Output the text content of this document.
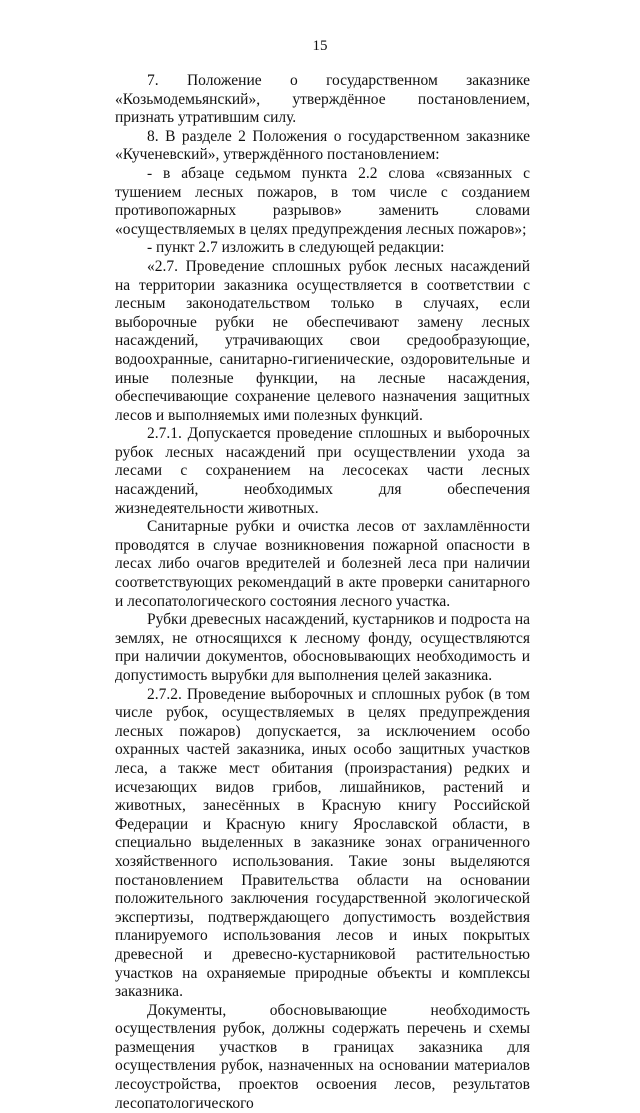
15

7. Положение о государственном заказнике «Козьмодемьянский», утверждённое постановлением, признать утратившим силу.

8. В разделе 2 Положения о государственном заказнике «Кученевский», утверждённого постановлением:

- в абзаце седьмом пункта 2.2 слова «связанных с тушением лесных пожаров, в том числе с созданием противопожарных разрывов» заменить словами «осуществляемых в целях предупреждения лесных пожаров»;

- пункт 2.7 изложить в следующей редакции:

«2.7. Проведение сплошных рубок лесных насаждений на территории заказника осуществляется в соответствии с лесным законодательством только в случаях, если выборочные рубки не обеспечивают замену лесных насаждений, утрачивающих свои средообразующие, водоохранные, санитарно-гигиенические, оздоровительные и иные полезные функции, на лесные насаждения, обеспечивающие сохранение целевого назначения защитных лесов и выполняемых ими полезных функций.

2.7.1. Допускается проведение сплошных и выборочных рубок лесных насаждений при осуществлении ухода за лесами с сохранением на лесосеках части лесных насаждений, необходимых для обеспечения жизнедеятельности животных.

Санитарные рубки и очистка лесов от захламлённости проводятся в случае возникновения пожарной опасности в лесах либо очагов вредителей и болезней леса при наличии соответствующих рекомендаций в акте проверки санитарного и лесопатологического состояния лесного участка.

Рубки древесных насаждений, кустарников и подроста на землях, не относящихся к лесному фонду, осуществляются при наличии документов, обосновывающих необходимость и допустимость вырубки для выполнения целей заказника.

2.7.2. Проведение выборочных и сплошных рубок (в том числе рубок, осуществляемых в целях предупреждения лесных пожаров) допускается, за исключением особо охранных частей заказника, иных особо защитных участков леса, а также мест обитания (произрастания) редких и исчезающих видов грибов, лишайников, растений и животных, занесённых в Красную книгу Российской Федерации и Красную книгу Ярославской области, в специально выделенных в заказнике зонах ограниченного хозяйственного использования. Такие зоны выделяются постановлением Правительства области на основании положительного заключения государственной экологической экспертизы, подтверждающего допустимость воздействия планируемого использования лесов и иных покрытых древесной и древесно-кустарниковой растительностью участков на охраняемые природные объекты и комплексы заказника.

Документы, обосновывающие необходимость осуществления рубок, должны содержать перечень и схемы размещения участков в границах заказника для осуществления рубок, назначенных на основании материалов лесоустройства, проектов освоения лесов, результатов лесопатологического
